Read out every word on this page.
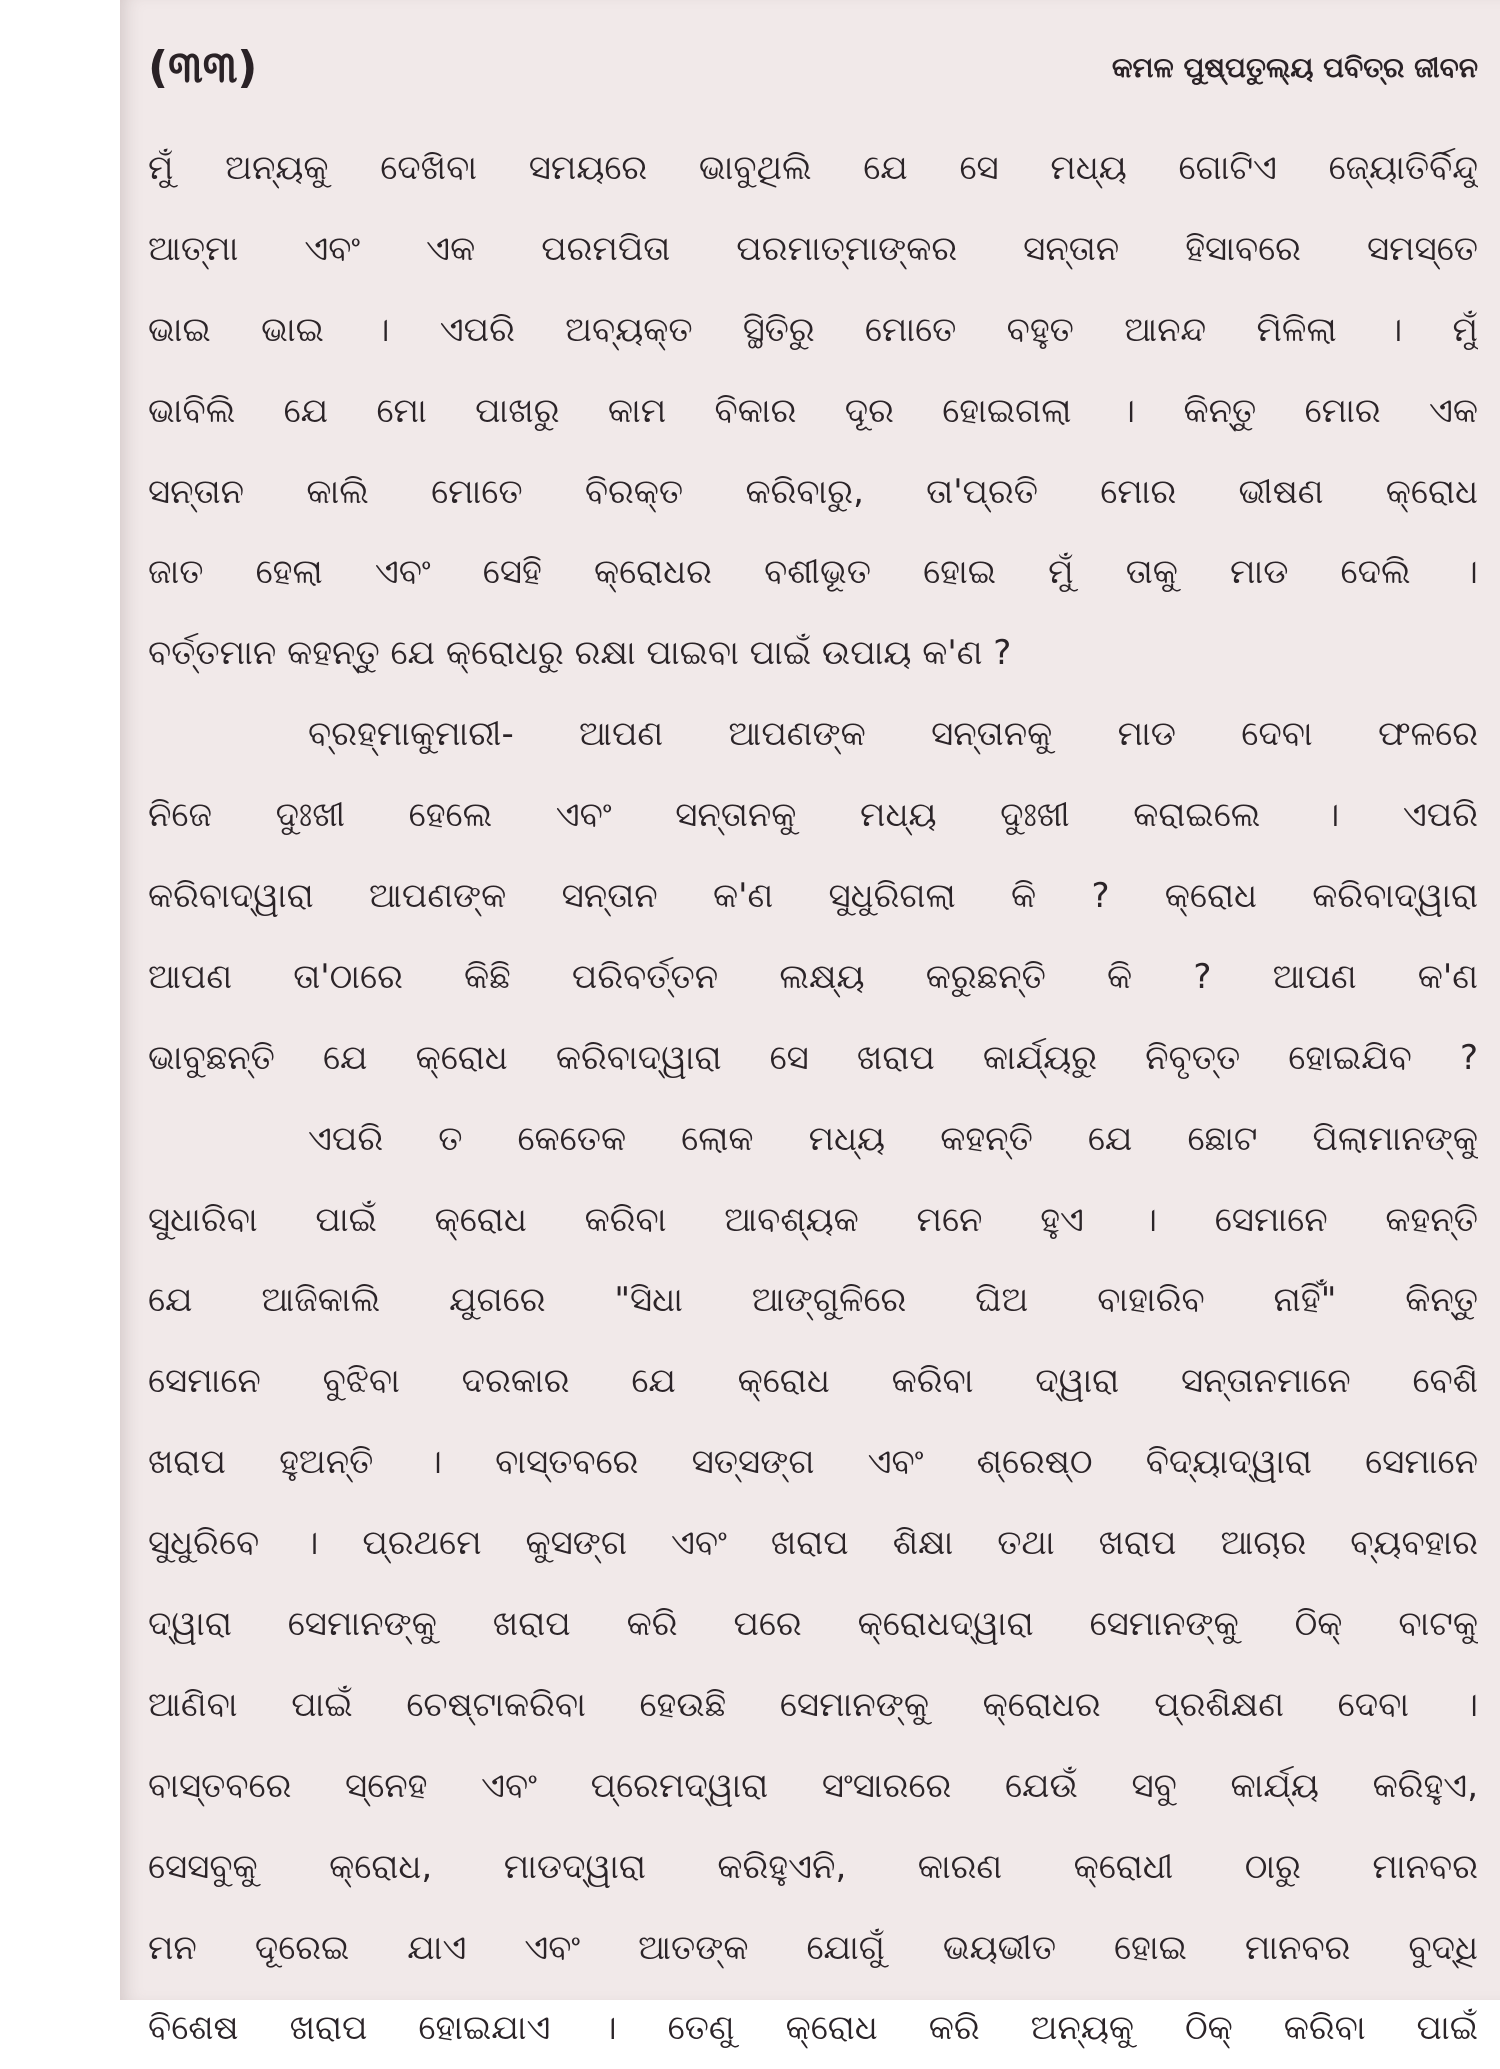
(୩୩)	କମଳ ପୁଷ୍ପତୁଲ୍ୟ ପବିତ୍ର ଜୀବନ
ମୁଁ ଅନ୍ୟକୁ ଦେଖିବା ସମୟରେ ଭାବୁଥିଲି ଯେ ସେ ମଧ୍ୟ ଗୋଟିଏ ଜ୍ୟୋତିର୍ବିନ୍ଦୁ
ଆତ୍ମା ଏବଂ ଏକ ପରମପିତା ପରମାତ୍ମାଙ୍କର ସନ୍ତାନ ହିସାବରେ ସମସ୍ତେ
ଭାଇ ଭାଇ । ଏପରି ଅବ୍ୟକ୍ତ ସ୍ଥିତିରୁ ମୋତେ ବହୁତ ଆନନ୍ଦ ମିଳିଲା । ମୁଁ
ଭାବିଲି ଯେ ମୋ ପାଖରୁ କାମ ବିକାର ଦୂର ହୋଇଗଲା । କିନ୍ତୁ ମୋର ଏକ
ସନ୍ତାନ କାଲି ମୋତେ ବିରକ୍ତ କରିବାରୁ, ତା'ପ୍ରତି ମୋର ଭୀଷଣ କ୍ରୋଧ
ଜାତ ହେଲା ଏବଂ ସେହି କ୍ରୋଧର ବଶୀଭୂତ ହୋଇ ମୁଁ ତାକୁ ମାଡ ଦେଲି ।
ବର୍ତ୍ତମାନ କହନ୍ତୁ ଯେ କ୍ରୋଧରୁ ରକ୍ଷା ପାଇବା ପାଇଁ ଉପାୟ କ'ଣ ?
ବ୍ରହ୍ମାକୁମାରୀ- ଆପଣ ଆପଣଙ୍କ ସନ୍ତାନକୁ ମାଡ ଦେବା ଫଳରେ
ନିଜେ ଦୁଃଖୀ ହେଲେ ଏବଂ ସନ୍ତାନକୁ ମଧ୍ୟ ଦୁଃଖୀ କରାଇଲେ । ଏପରି
କରିବାଦ୍ୱାରା ଆପଣଙ୍କ ସନ୍ତାନ କ'ଣ ସୁଧୁରିଗଲା କି ? କ୍ରୋଧ କରିବାଦ୍ୱାରା
ଆପଣ ତା'ଠାରେ କିଛି ପରିବର୍ତ୍ତନ ଲକ୍ଷ୍ୟ କରୁଛନ୍ତି କି ? ଆପଣ କ'ଣ
ଭାବୁଛନ୍ତି ଯେ କ୍ରୋଧ କରିବାଦ୍ୱାରା ସେ ଖରାପ କାର୍ଯ୍ୟରୁ ନିବୃତ୍ତ ହୋଇଯିବ ?
ଏପରି ତ କେତେକ ଲୋକ ମଧ୍ୟ କହନ୍ତି ଯେ ଛୋଟ ପିଲାମାନଙ୍କୁ
ସୁଧାରିବା ପାଇଁ କ୍ରୋଧ କରିବା ଆବଶ୍ୟକ ମନେ ହୁଏ । ସେମାନେ କହନ୍ତି
ଯେ ଆଜିକାଲି ଯୁଗରେ "ସିଧା ଆଙ୍ଗୁଳିରେ ଘିଅ ବାହାରିବ ନାହିଁ" କିନ୍ତୁ
ସେମାନେ ବୁଝିବା ଦରକାର ଯେ କ୍ରୋଧ କରିବା ଦ୍ୱାରା ସନ୍ତାନମାନେ ବେଶି
ଖରାପ ହୁଅନ୍ତି । ବାସ୍ତବରେ ସତ୍‌ସଙ୍ଗ ଏବଂ ଶ୍ରେଷ୍ଠ ବିଦ୍ୟାଦ୍ୱାରା ସେମାନେ
ସୁଧୁରିବେ । ପ୍ରଥମେ କୁସଙ୍ଗ ଏବଂ ଖରାପ ଶିକ୍ଷା ତଥା ଖରାପ ଆଚାର ବ୍ୟବହାର
ଦ୍ୱାରା ସେମାନଙ୍କୁ ଖରାପ କରି ପରେ କ୍ରୋଧଦ୍ୱାରା ସେମାନଙ୍କୁ ଠିକ୍ ବାଟକୁ
ଆଣିବା ପାଇଁ ଚେଷ୍ଟାକରିବା ହେଉଛି ସେମାନଙ୍କୁ କ୍ରୋଧର ପ୍ରଶିକ୍ଷଣ ଦେବା ।
ବାସ୍ତବରେ ସ୍ନେହ ଏବଂ ପ୍ରେମଦ୍ୱାରା ସଂସାରରେ ଯେଉଁ ସବୁ କାର୍ଯ୍ୟ କରିହୁଏ,
ସେସବୁକୁ କ୍ରୋଧ, ମାଡଦ୍ୱାରା କରିହୁଏନି, କାରଣ କ୍ରୋଧୀ ଠାରୁ ମାନବର
ମନ ଦୂରେଇ ଯାଏ ଏବଂ ଆତଙ୍କ ଯୋଗୁଁ ଭୟଭୀତ ହୋଇ ମାନବର ବୁଦ୍ଧି
ବିଶେଷ ଖରାପ ହୋଇଯାଏ । ତେଣୁ କ୍ରୋଧ କରି ଅନ୍ୟକୁ ଠିକ୍ କରିବା ପାଇଁ
